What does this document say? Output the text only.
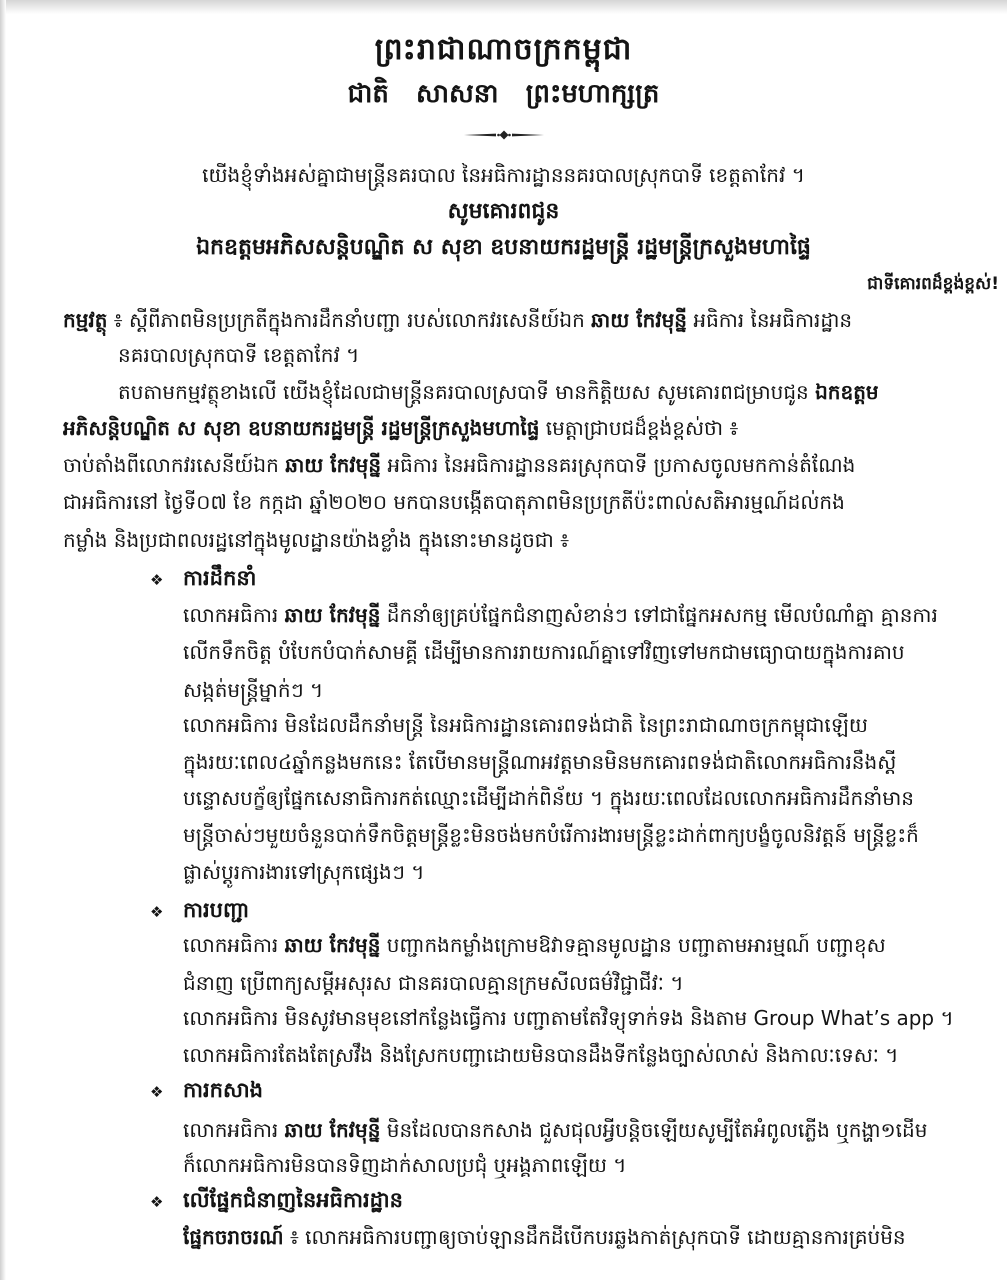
ព្រះរាជាណាចក្រកម្ពុជា
ជាតិ   សាសនា   ព្រះមហាក្សត្រ
យើងខ្ញុំទាំងអស់គ្នាជាមន្ត្រីនគរបាល នៃអធិការដ្ឋាននគរបាលស្រុកបាទី ខេត្តតាកែវ ។
សូមគោរពជូន
ឯកឧត្តមអភិសសន្តិបណ្ឌិត ស សុខា ឧបនាយករដ្ឋមន្ត្រី រដ្ឋមន្ត្រីក្រសួងមហាផ្ទៃ
ជាទីគោរពដ៏ខ្ពង់ខ្ពស់!
កម្មវត្ថុ ៖ ស្តីពីភាពមិនប្រក្រតីក្នុងការដឹកនាំបញ្ជា របស់លោកវរសេនីយ៍ឯក ឆាយ កែវមុន្នី អធិការ នៃអធិការដ្ឋាន
នគរបាលស្រុកបាទី ខេត្តតាកែវ ។
តបតាមកម្មវត្ថុខាងលើ យើងខ្ញុំដែលជាមន្ត្រីនគរបាលស្របាទី មានកិត្តិយស សូមគោរពជម្រាបជូន ឯកឧត្តម
អភិសន្តិបណ្ឌិត ស សុខា ឧបនាយករដ្ឋមន្ត្រី រដ្ឋមន្ត្រីក្រសួងមហាផ្ទៃ មេត្តាជ្រាបជដ៏ខ្ពង់ខ្ពស់ថា ៖
ចាប់តាំងពីលោកវរសេនីយ៍ឯក ឆាយ កែវមុន្នី អធិការ នៃអធិការដ្ឋាននគរស្រុកបាទី ប្រកាសចូលមកកាន់តំណែង
ជាអធិការនៅ ថ្ងៃទី០៧ ខែ កក្កដា ឆ្នាំ២០២០ មកបានបង្កើតបាតុភាពមិនប្រក្រតីប៉ះពាល់សតិអារម្មណ៍ដល់កង
កម្លាំង និងប្រជាពលរដ្ឋនៅក្នុងមូលដ្ឋានយ៉ាងខ្លាំង ក្នុងនោះមានដូចជា ៖
❖ ការដឹកនាំ
លោកអធិការ ឆាយ កែវមុន្នី ដឹកនាំឲ្យគ្រប់ផ្នែកជំនាញសំខាន់ៗ ទៅជាផ្នែកអសកម្ម មើលបំណាំគ្នា គ្មានការ
លើកទឹកចិត្ត បំបែកបំបាក់សាមគ្គី ដើម្បីមានការរាយការណ៍គ្នាទៅវិញទៅមកជាមធ្យោបាយក្នុងការគាប
សង្កត់មន្ត្រីម្នាក់ៗ ។
លោកអធិការ មិនដែលដឹកនាំមន្ត្រី នៃអធិការដ្ឋានគោរពទង់ជាតិ នៃព្រះរាជាណាចក្រកម្ពុជាឡើយ
ក្នុងរយៈពេល៤ឆ្នាំកន្លងមកនេះ តែបើមានមន្ត្រីណាអវត្តមានមិនមកគោរពទង់ជាតិលោកអធិការនឹងស្តី
បន្ទោសបក្ខ័ឲ្យផ្នែកសេនាធិការកត់ឈ្មោះដើម្បីដាក់ពិន័យ ។ ក្នុងរយៈពេលដែលលោកអធិការដឹកនាំមាន
មន្ត្រីចាស់ៗមួយចំនួនបាក់ទឹកចិត្តមន្ត្រីខ្លះមិនចង់មកបំរើការងារមន្ត្រីខ្លះដាក់ពាក្យបង្ខំចូលនិវត្តន៍ មន្ត្រីខ្លះក៏
ផ្លាស់ប្តូរការងារទៅស្រុកផ្សេងៗ ។
❖ ការបញ្ជា
លោកអធិការ ឆាយ កែវមុន្នី បញ្ជាកងកម្លាំងក្រោមឱវាទគ្មានមូលដ្ឋាន បញ្ជាតាមអារម្មណ៍ បញ្ជាខុស
ជំនាញ ប្រើពាក្យសម្តីអសុរស ជានគរបាលគ្មានក្រមសីលធម៌វិជ្ជាជីវៈ ។
លោកអធិការ មិនសូវមានមុខនៅកន្លែងធ្វើការ បញ្ជាតាមតែវិទ្យុទាក់ទង និងតាម Group What’s app ។
លោកអធិការតែងតែស្រវឹង និងស្រែកបញ្ជាដោយមិនបានដឹងទីកន្លែងច្បាស់លាស់ និងកាលៈទេសៈ ។
❖ ការកសាង
លោកអធិការ ឆាយ កែវមុន្នី មិនដែលបានកសាង ជួសជុលអ្វីបន្តិចឡើយសូម្បីតែអំពូលភ្លើង ឬកង្ហា១ដើម
ក៏លោកអធិការមិនបានទិញដាក់សាលប្រជុំ ឬអង្គភាពឡើយ ។
❖ លើផ្នែកជំនាញនៃអធិការដ្ឋាន
ផ្នែកចរាចរណ៍ ៖ លោកអធិការបញ្ជាឲ្យចាប់ឡានដឹកដីបើកបរឆ្លងកាត់ស្រុកបាទី ដោយគ្មានការគ្រប់មិន
